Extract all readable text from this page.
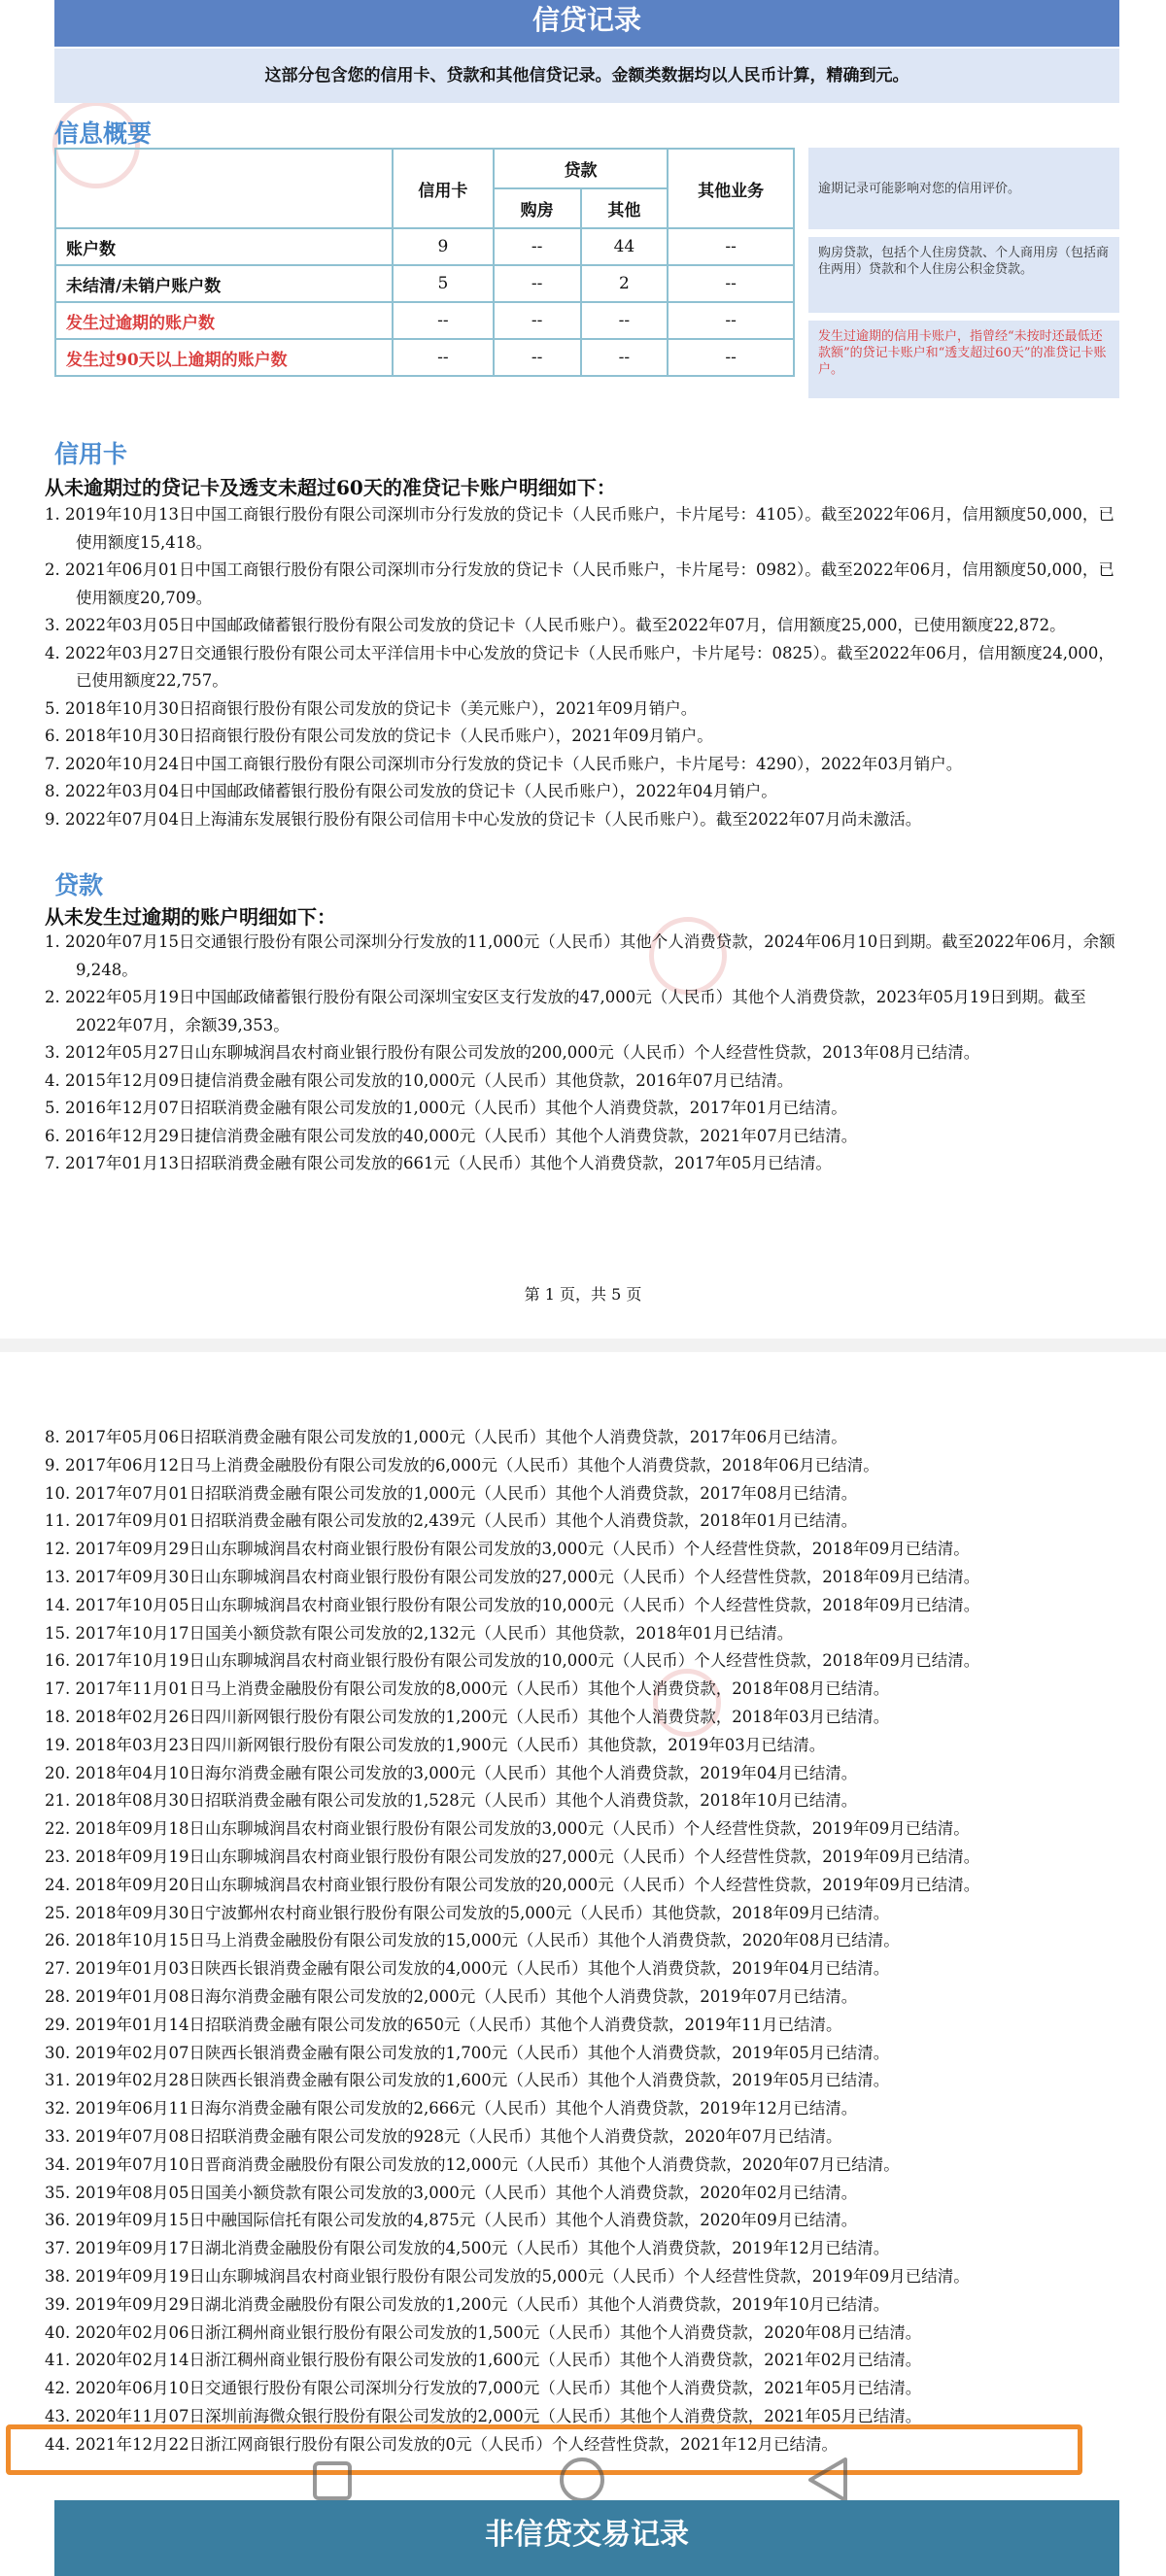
信贷记录
这部分包含您的信用卡、贷款和其他信贷记录。金额类数据均以人民币计算，精确到元。
信息概要
	信用卡	贷款		其他业务
		购房	其他	
账户数	9	--	44	--
未结清/未销户账户数	5	--	2	--
发生过逾期的账户数	--	--	--	--
发生过90天以上逾期的账户数	--	--	--	--
逾期记录可能影响对您的信用评价。
购房贷款，包括个人住房贷款、个人商用房（包括商住两用）贷款和个人住房公积金贷款。
发生过逾期的信用卡账户，指曾经“未按时还最低还款额”的贷记卡账户和“透支超过60天”的准贷记卡账户。
信用卡
从未逾期过的贷记卡及透支未超过60天的准贷记卡账户明细如下：
1. 2019年10月13日中国工商银行股份有限公司深圳市分行发放的贷记卡（人民币账户，卡片尾号：4105）。截至2022年06月，信用额度50,000，已使用额度15,418。
2. 2021年06月01日中国工商银行股份有限公司深圳市分行发放的贷记卡（人民币账户，卡片尾号：0982）。截至2022年06月，信用额度50,000，已使用额度20,709。
3. 2022年03月05日中国邮政储蓄银行股份有限公司发放的贷记卡（人民币账户）。截至2022年07月，信用额度25,000，已使用额度22,872。
4. 2022年03月27日交通银行股份有限公司太平洋信用卡中心发放的贷记卡（人民币账户，卡片尾号：0825）。截至2022年06月，信用额度24,000，已使用额度22,757。
5. 2018年10月30日招商银行股份有限公司发放的贷记卡（美元账户），2021年09月销户。
6. 2018年10月30日招商银行股份有限公司发放的贷记卡（人民币账户），2021年09月销户。
7. 2020年10月24日中国工商银行股份有限公司深圳市分行发放的贷记卡（人民币账户，卡片尾号：4290），2022年03月销户。
8. 2022年03月04日中国邮政储蓄银行股份有限公司发放的贷记卡（人民币账户），2022年04月销户。
9. 2022年07月04日上海浦东发展银行股份有限公司信用卡中心发放的贷记卡（人民币账户）。截至2022年07月尚未激活。
贷款
从未发生过逾期的账户明细如下：
1. 2020年07月15日交通银行股份有限公司深圳分行发放的11,000元（人民币）其他个人消费贷款，2024年06月10日到期。截至2022年06月，余额9,248。
2. 2022年05月19日中国邮政储蓄银行股份有限公司深圳宝安区支行发放的47,000元（人民币）其他个人消费贷款，2023年05月19日到期。截至2022年07月，余额39,353。
3. 2012年05月27日山东聊城润昌农村商业银行股份有限公司发放的200,000元（人民币）个人经营性贷款，2013年08月已结清。
4. 2015年12月09日捷信消费金融有限公司发放的10,000元（人民币）其他贷款，2016年07月已结清。
5. 2016年12月07日招联消费金融有限公司发放的1,000元（人民币）其他个人消费贷款，2017年01月已结清。
6. 2016年12月29日捷信消费金融有限公司发放的40,000元（人民币）其他个人消费贷款，2021年07月已结清。
7. 2017年01月13日招联消费金融有限公司发放的661元（人民币）其他个人消费贷款，2017年05月已结清。
第 1 页，共 5 页
8. 2017年05月06日招联消费金融有限公司发放的1,000元（人民币）其他个人消费贷款，2017年06月已结清。
9. 2017年06月12日马上消费金融股份有限公司发放的6,000元（人民币）其他个人消费贷款，2018年06月已结清。
10. 2017年07月01日招联消费金融有限公司发放的1,000元（人民币）其他个人消费贷款，2017年08月已结清。
11. 2017年09月01日招联消费金融有限公司发放的2,439元（人民币）其他个人消费贷款，2018年01月已结清。
12. 2017年09月29日山东聊城润昌农村商业银行股份有限公司发放的3,000元（人民币）个人经营性贷款，2018年09月已结清。
13. 2017年09月30日山东聊城润昌农村商业银行股份有限公司发放的27,000元（人民币）个人经营性贷款，2018年09月已结清。
14. 2017年10月05日山东聊城润昌农村商业银行股份有限公司发放的10,000元（人民币）个人经营性贷款，2018年09月已结清。
15. 2017年10月17日国美小额贷款有限公司发放的2,132元（人民币）其他贷款，2018年01月已结清。
16. 2017年10月19日山东聊城润昌农村商业银行股份有限公司发放的10,000元（人民币）个人经营性贷款，2018年09月已结清。
17. 2017年11月01日马上消费金融股份有限公司发放的8,000元（人民币）其他个人消费贷款，2018年08月已结清。
18. 2018年02月26日四川新网银行股份有限公司发放的1,200元（人民币）其他个人消费贷款，2018年03月已结清。
19. 2018年03月23日四川新网银行股份有限公司发放的1,900元（人民币）其他贷款，2019年03月已结清。
20. 2018年04月10日海尔消费金融有限公司发放的3,000元（人民币）其他个人消费贷款，2019年04月已结清。
21. 2018年08月30日招联消费金融有限公司发放的1,528元（人民币）其他个人消费贷款，2018年10月已结清。
22. 2018年09月18日山东聊城润昌农村商业银行股份有限公司发放的3,000元（人民币）个人经营性贷款，2019年09月已结清。
23. 2018年09月19日山东聊城润昌农村商业银行股份有限公司发放的27,000元（人民币）个人经营性贷款，2019年09月已结清。
24. 2018年09月20日山东聊城润昌农村商业银行股份有限公司发放的20,000元（人民币）个人经营性贷款，2019年09月已结清。
25. 2018年09月30日宁波鄞州农村商业银行股份有限公司发放的5,000元（人民币）其他贷款，2018年09月已结清。
26. 2018年10月15日马上消费金融股份有限公司发放的15,000元（人民币）其他个人消费贷款，2020年08月已结清。
27. 2019年01月03日陕西长银消费金融有限公司发放的4,000元（人民币）其他个人消费贷款，2019年04月已结清。
28. 2019年01月08日海尔消费金融有限公司发放的2,000元（人民币）其他个人消费贷款，2019年07月已结清。
29. 2019年01月14日招联消费金融有限公司发放的650元（人民币）其他个人消费贷款，2019年11月已结清。
30. 2019年02月07日陕西长银消费金融有限公司发放的1,700元（人民币）其他个人消费贷款，2019年05月已结清。
31. 2019年02月28日陕西长银消费金融有限公司发放的1,600元（人民币）其他个人消费贷款，2019年05月已结清。
32. 2019年06月11日海尔消费金融有限公司发放的2,666元（人民币）其他个人消费贷款，2019年12月已结清。
33. 2019年07月08日招联消费金融有限公司发放的928元（人民币）其他个人消费贷款，2020年07月已结清。
34. 2019年07月10日晋商消费金融股份有限公司发放的12,000元（人民币）其他个人消费贷款，2020年07月已结清。
35. 2019年08月05日国美小额贷款有限公司发放的3,000元（人民币）其他个人消费贷款，2020年02月已结清。
36. 2019年09月15日中融国际信托有限公司发放的4,875元（人民币）其他个人消费贷款，2020年09月已结清。
37. 2019年09月17日湖北消费金融股份有限公司发放的4,500元（人民币）其他个人消费贷款，2019年12月已结清。
38. 2019年09月19日山东聊城润昌农村商业银行股份有限公司发放的5,000元（人民币）个人经营性贷款，2019年09月已结清。
39. 2019年09月29日湖北消费金融股份有限公司发放的1,200元（人民币）其他个人消费贷款，2019年10月已结清。
40. 2020年02月06日浙江稠州商业银行股份有限公司发放的1,500元（人民币）其他个人消费贷款，2020年08月已结清。
41. 2020年02月14日浙江稠州商业银行股份有限公司发放的1,600元（人民币）其他个人消费贷款，2021年02月已结清。
42. 2020年06月10日交通银行股份有限公司深圳分行发放的7,000元（人民币）其他个人消费贷款，2021年05月已结清。
43. 2020年11月07日深圳前海微众银行股份有限公司发放的2,000元（人民币）其他个人消费贷款，2021年05月已结清。
44. 2021年12月22日浙江网商银行股份有限公司发放的0元（人民币）个人经营性贷款，2021年12月已结清。
非信贷交易记录
